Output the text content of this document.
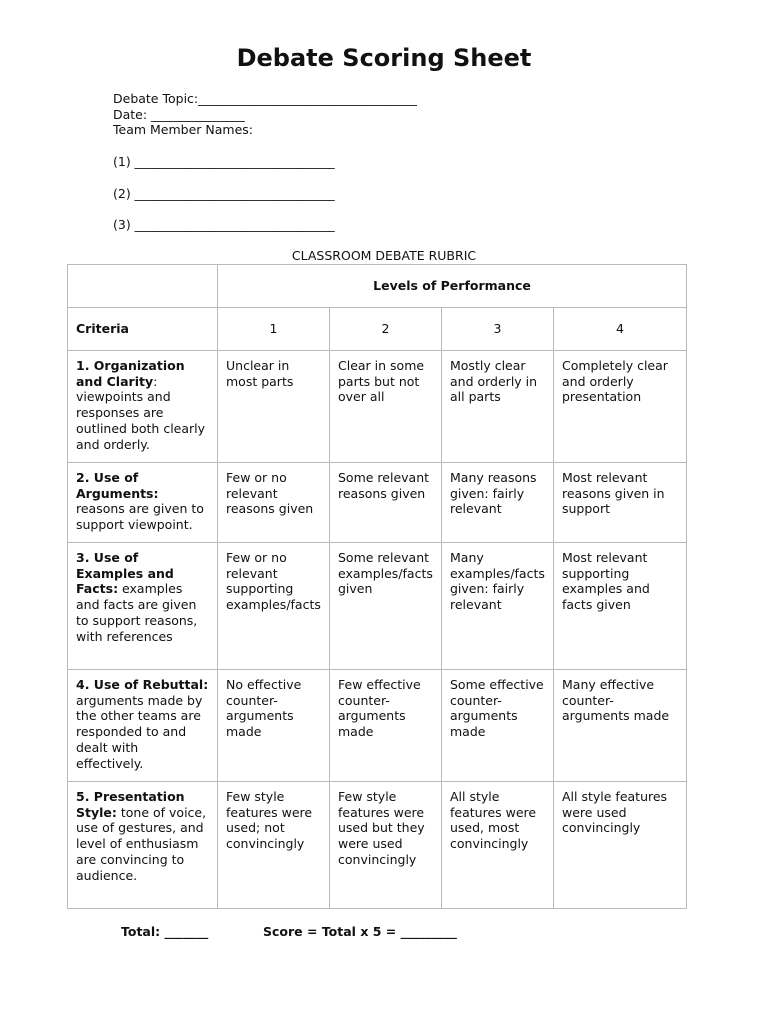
Debate Scoring Sheet
Debate Topic:___________________________________
Date: _______________
Team Member Names:
(1) ________________________________
(2) ________________________________
(3) ________________________________
CLASSROOM DEBATE RUBRIC
	Levels of Performance			
Criteria	1	2	3	4
1. Organization and Clarity: viewpoints and responses are outlined both clearly and orderly.	Unclear in most parts	Clear in some parts but not over all	Mostly clear and orderly in all parts	Completely clear and orderly presentation
2. Use of Arguments: reasons are given to support viewpoint.	Few or no relevant reasons given	Some relevant reasons given	Many reasons given: fairly relevant	Most relevant reasons given in support
3. Use of Examples and Facts: examples and facts are given to support reasons, with references	Few or no relevant supporting examples/facts	Some relevant examples/facts given	Many examples/facts given: fairly relevant	Most relevant supporting examples and facts given
4. Use of Rebuttal: arguments made by the other teams are responded to and dealt with effectively.	No effective counter-arguments made	Few effective counter-arguments made	Some effective counter-arguments made	Many effective counter-arguments made
5. Presentation Style: tone of voice, use of gestures, and level of enthusiasm are convincing to audience.	Few style features were used; not convincingly	Few style features were used but they were used convincingly	All style features were used, most convincingly	All style features were used convincingly
Total: _______	Score = Total x 5 = _________
